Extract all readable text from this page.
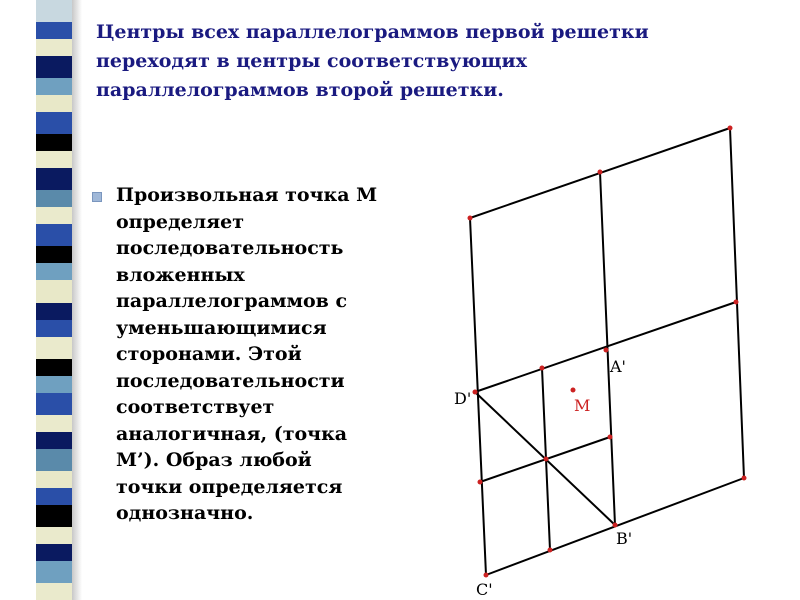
Центры всех параллелограммов первой решетки
переходят в центры соответствующих
параллелограммов второй решетки.
Произвольная точка М
определяет
последовательность
вложенных
параллелограммов с
уменьшающимися
сторонами. Этой
последовательности
соответствует
аналогичная, (точка
М’). Образ любой
точки определяется
однозначно.
A'
D'	M
B'
C'
